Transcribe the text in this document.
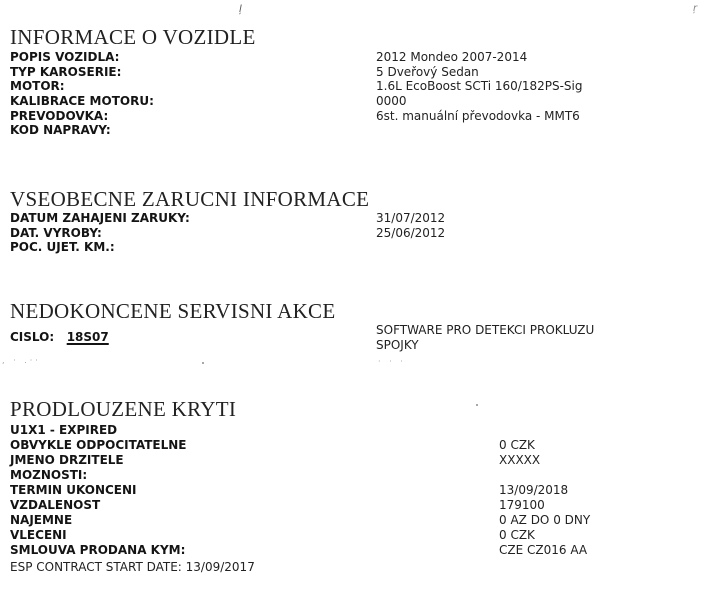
ļ	ŗ
INFORMACE O VOZIDLE
POPIS VOZIDLA:	2012 Mondeo 2007-2014
TYP KAROSERIE:	5 Dveřový Sedan
MOTOR:	1.6L EcoBoost SCTi 160/182PS-Sig
KALIBRACE MOTORU:	0000
PREVODOVKA:	6st. manuální převodovka - MMT6
KOD NAPRAVY:
VSEOBECNE ZARUCNI INFORMACE
DATUM ZAHAJENI ZARUKY:	31/07/2012
DAT. VYROBY:	25/06/2012
POC. UJET. KM.:
NEDOKONCENE SERVISNI AKCE
CISLO: 18S07	SOFTWARE PRO DETEKCI PROKLUZU
SPOJKY
, · .··	· · ·
PRODLOUZENE KRYTI
U1X1 - EXPIRED
OBVYKLE ODPOCITATELNE	0 CZK
JMENO DRZITELE	XXXXX
MOZNOSTI:
TERMIN UKONCENI	13/09/2018
VZDALENOST	179100
NAJEMNE	0 AZ DO 0 DNY
VLECENI	0 CZK
SMLOUVA PRODANA KYM:	CZE CZ016 AA
ESP CONTRACT START DATE: 13/09/2017
